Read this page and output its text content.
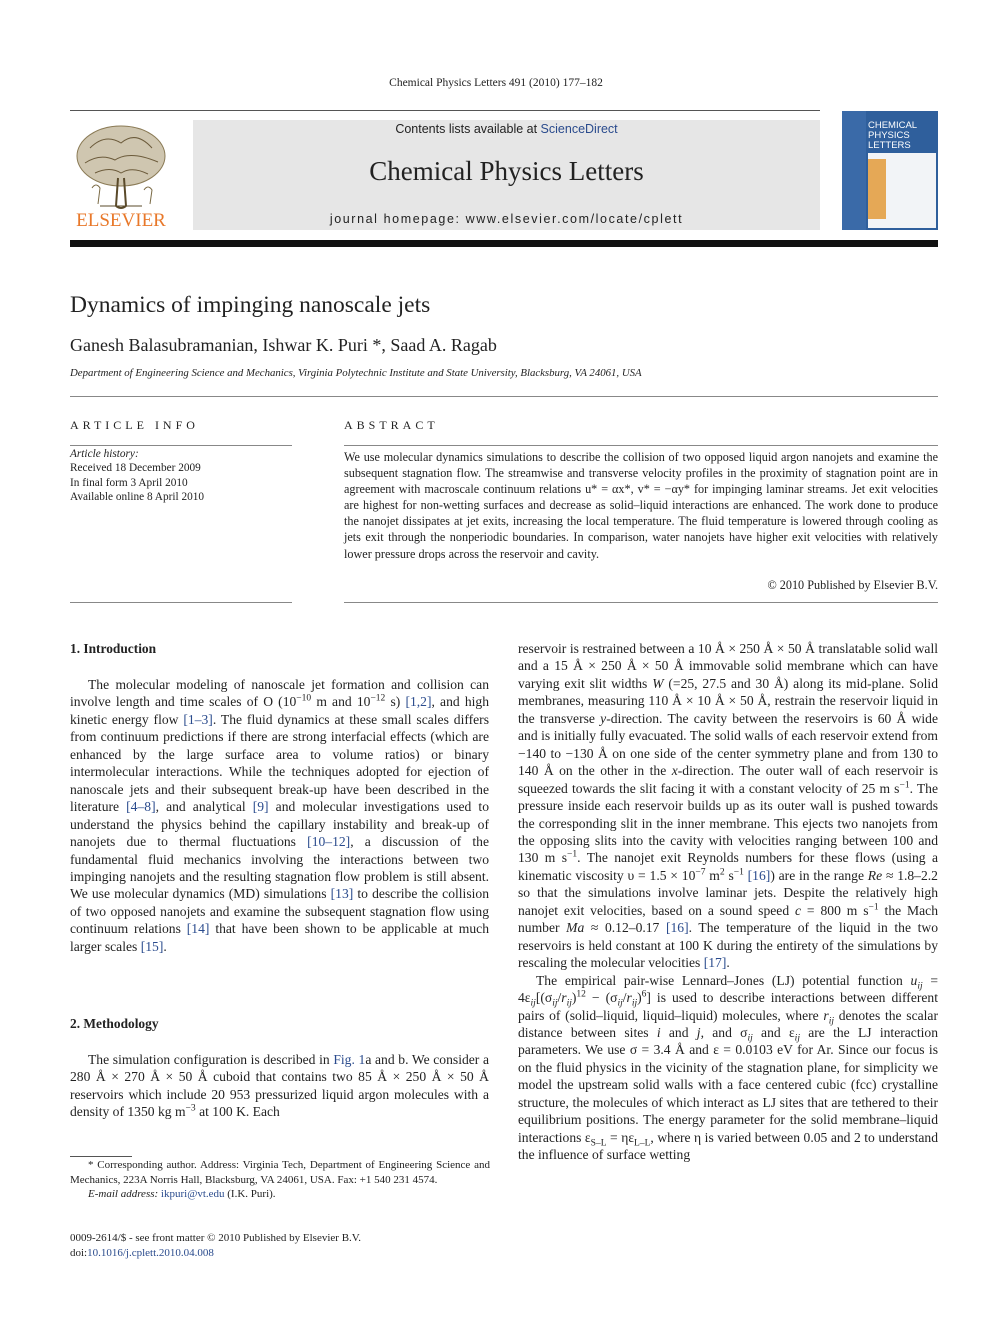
Chemical Physics Letters 491 (2010) 177–182
ELSEVIER
Contents lists available at ScienceDirect
Chemical Physics Letters
journal homepage: www.elsevier.com/locate/cplett
CHEMICAL
PHYSICS
LETTERS
Dynamics of impinging nanoscale jets
Ganesh Balasubramanian, Ishwar K. Puri *, Saad A. Ragab
Department of Engineering Science and Mechanics, Virginia Polytechnic Institute and State University, Blacksburg, VA 24061, USA
ARTICLE INFO
Article history:
Received 18 December 2009
In final form 3 April 2010
Available online 8 April 2010
ABSTRACT
We use molecular dynamics simulations to describe the collision of two opposed liquid argon nanojets and examine the subsequent stagnation flow. The streamwise and transverse velocity profiles in the proximity of stagnation point are in agreement with macroscale continuum relations u* = αx*, v* = −αy* for impinging laminar streams. Jet exit velocities are highest for non-wetting surfaces and decrease as solid–liquid interactions are enhanced. The work done to produce the nanojet dissipates at jet exits, increasing the local temperature. The fluid temperature is lowered through cooling as jets exit through the nonperiodic boundaries. In comparison, water nanojets have higher exit velocities with relatively lower pressure drops across the reservoir and cavity.
© 2010 Published by Elsevier B.V.
1. Introduction

The molecular modeling of nanoscale jet formation and collision can involve length and time scales of O ($10^{-10}$ m and $10^{-12}$ s) [1,2], and high kinetic energy flow [1–3]. The fluid dynamics at these small scales differs from continuum predictions if there are strong interfacial effects (which are enhanced by the large surface area to volume ratios) or binary intermolecular interactions. While the techniques adopted for ejection of nanoscale jets and their subsequent break-up have been described in the literature [4–8], and analytical [9] and molecular investigations used to understand the physics behind the capillary instability and break-up of nanojets due to thermal fluctuations [10–12], a discussion of the fundamental fluid mechanics involving the interactions between two impinging nanojets and the resulting stagnation flow problem is still absent. We use molecular dynamics (MD) simulations [13] to describe the collision of two opposed nanojets and examine the subsequent stagnation flow using continuum relations [14] that have been shown to be applicable at much larger scales [15].

2. Methodology

The simulation configuration is described in Fig. 1a and b. We consider a 280 Å × 270 Å × 50 Å cuboid that contains two 85 Å × 250 Å × 50 Å reservoirs which include 20 953 pressurized liquid argon molecules with a density of 1350 kg $m^{-3}$ at 100 K. Each

* Corresponding author. Address: Virginia Tech, Department of Engineering Science and Mechanics, 223A Norris Hall, Blacksburg, VA 24061, USA. Fax: +1 540 231 4574.

E-mail address: ikpuri@vt.edu (I.K. Puri).

0009-2614/$ - see front matter © 2010 Published by Elsevier B.V.
doi:10.1016/j.cplett.2010.04.008

reservoir is restrained between a 10 Å × 250 Å × 50 Å translatable solid wall and a 15 Å × 250 Å × 50 Å immovable solid membrane which can have varying exit slit widths W (=25, 27.5 and 30 Å) along its mid-plane. Solid membranes, measuring 110 Å × 10 Å × 50 Å, restrain the reservoir liquid in the transverse y-direction. The cavity between the reservoirs is 60 Å wide and is initially fully evacuated. The solid walls of each reservoir extend from −140 to −130 Å on one side of the center symmetry plane and from 130 to 140 Å on the other in the x-direction. The outer wall of each reservoir is squeezed towards the slit facing it with a constant velocity of 25 m $s^{-1}$. The pressure inside each reservoir builds up as its outer wall is pushed towards the corresponding slit in the inner membrane. This ejects two nanojets from the opposing slits into the cavity with velocities ranging between 100 and 130 m $s^{-1}$. The nanojet exit Reynolds numbers for these flows (using a kinematic viscosity $\upsilon = 1.5 \times 10^{-7}$ $m^2$ $s^{-1}$ [16]) are in the range Re ≈ 1.8–2.2 so that the simulations involve laminar jets. Despite the relatively high nanojet exit velocities, based on a sound speed c = 800 m $s^{-1}$ the Mach number Ma ≈ 0.12–0.17 [16]. The temperature of the liquid in the two reservoirs is held constant at 100 K during the entirety of the simulations by rescaling the molecular velocities [17].

The empirical pair-wise Lennard–Jones (LJ) potential function $u_{ij} = 4\varepsilon_{ij}[(\sigma_{ij}/r_{ij})^{12} - (\sigma_{ij}/r_{ij})^6]$ is used to describe interactions between different pairs of (solid–liquid, liquid–liquid) molecules, where $r_{ij}$ denotes the scalar distance between sites i and j, and $\sigma_{ij}$ and $\varepsilon_{ij}$ are the LJ interaction parameters. We use σ = 3.4 Å and ε = 0.0103 eV for Ar. Since our focus is on the fluid physics in the vicinity of the stagnation plane, for simplicity we model the upstream solid walls with a face centered cubic (fcc) crystalline structure, the molecules of which interact as LJ sites that are tethered to their equilibrium positions. The energy parameter for the solid membrane–liquid interactions $\varepsilon_{S-L} = \eta\varepsilon_{L-L}$, where η is varied between 0.05 and 2 to understand the influence of surface wetting
